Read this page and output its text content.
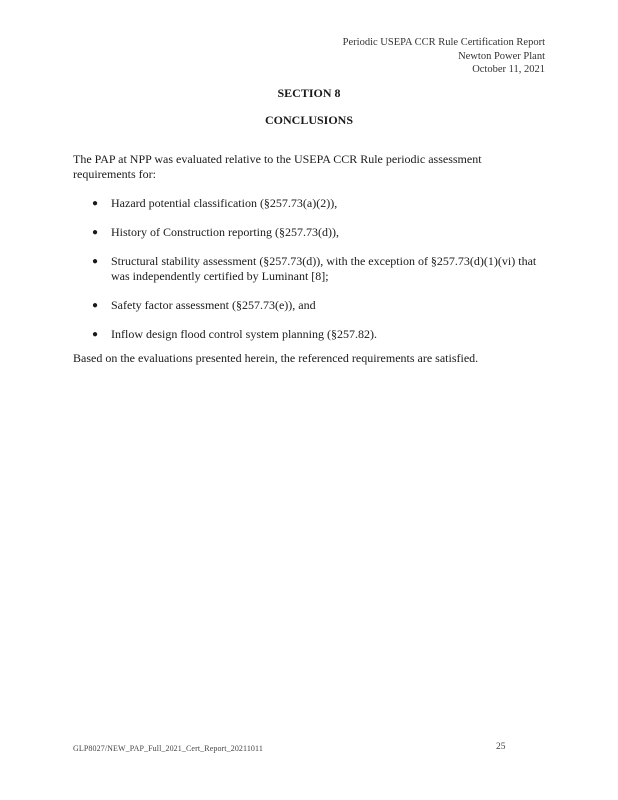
Periodic USEPA CCR Rule Certification Report
Newton Power Plant
October 11, 2021
SECTION 8
CONCLUSIONS
The PAP at NPP was evaluated relative to the USEPA CCR Rule periodic assessment requirements for:
● Hazard potential classification (§257.73(a)(2)),
● History of Construction reporting (§257.73(d)),
● Structural stability assessment (§257.73(d)), with the exception of §257.73(d)(1)(vi) that was independently certified by Luminant [8];
● Safety factor assessment (§257.73(e)), and
● Inflow design flood control system planning (§257.82).
Based on the evaluations presented herein, the referenced requirements are satisfied.
GLP8027/NEW_PAP_Full_2021_Cert_Report_20211011	25
